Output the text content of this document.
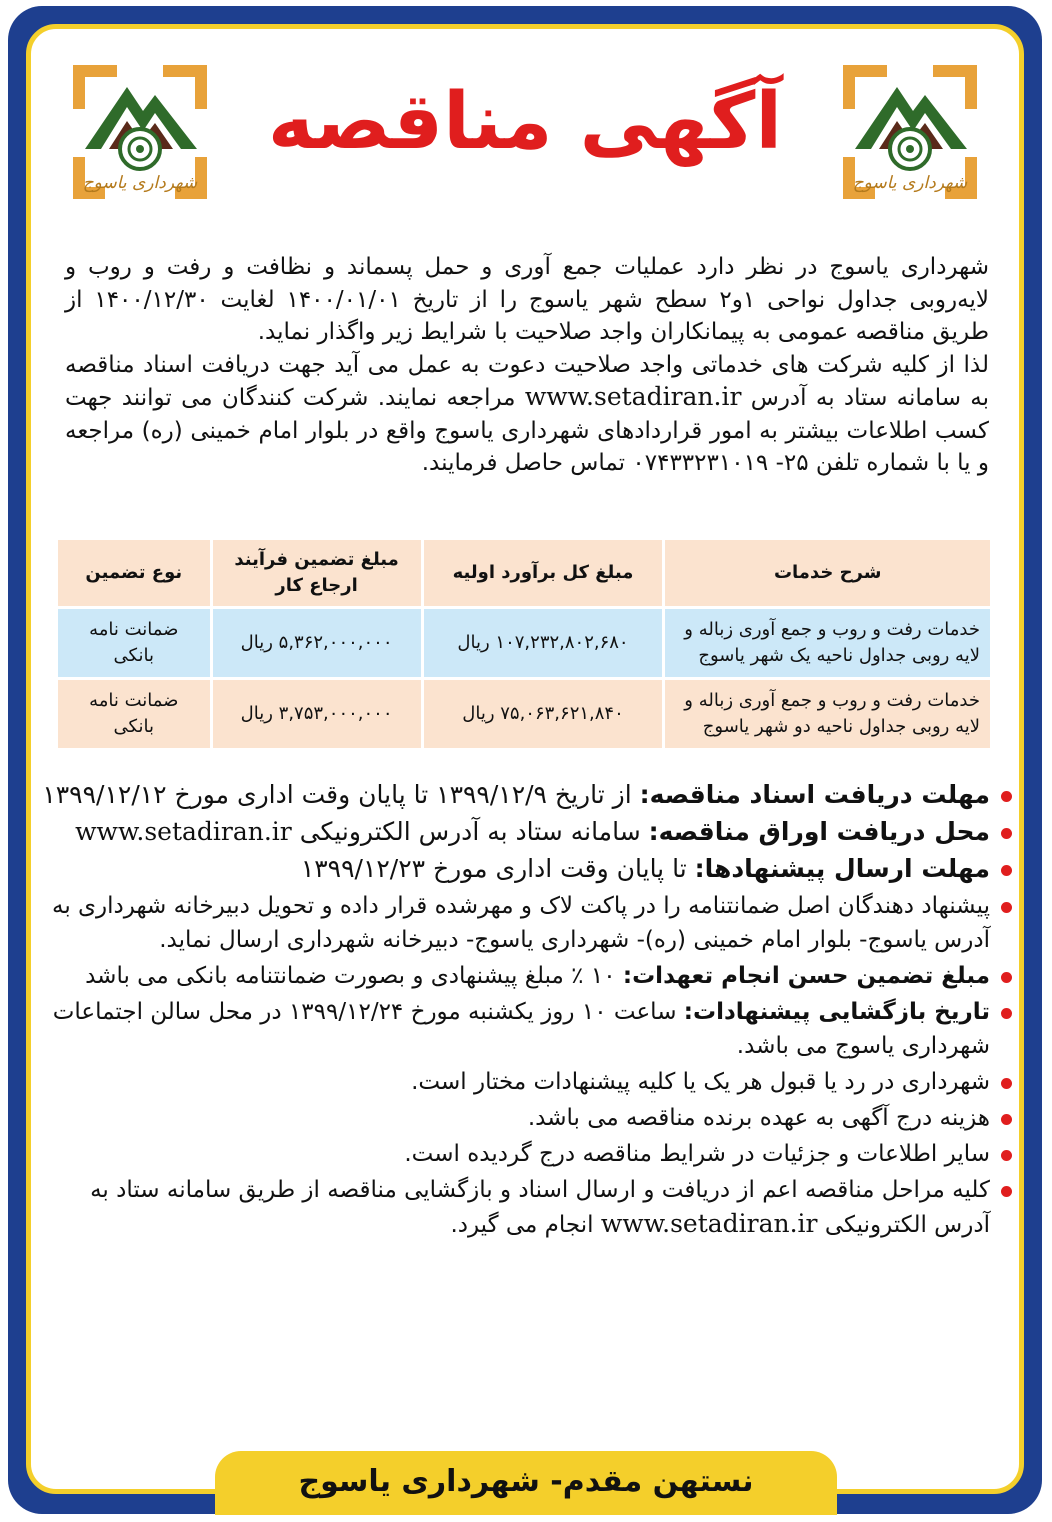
شهرداری یاسوج	شهرداری یاسوج
آگهی مناقصه

شهرداری یاسوج در نظر دارد عملیات جمع آوری و حمل پسماند و نظافت و رفت و روب و لایه‌روبی جداول نواحی ۱و۲ سطح شهر یاسوج را از تاریخ ۱۴۰۰/۰۱/۰۱ لغایت ۱۴۰۰/۱۲/۳۰ از طریق مناقصه عمومی به پیمانکاران واجد صلاحیت با شرایط زیر واگذار نماید.

لذا از کلیه شرکت های خدماتی واجد صلاحیت دعوت به عمل می آید جهت دریافت اسناد مناقصه به سامانه ستاد به آدرس www.setadiran.ir مراجعه نمایند. شرکت کنندگان می توانند جهت کسب اطلاعات بیشتر به امور قراردادهای شهرداری یاسوج واقع در بلوار امام خمینی (ره) مراجعه و یا با شماره تلفن ۲۵- ۰۷۴۳۳۲۳۱۰۱۹ تماس حاصل فرمایند.

شرح خدمات	مبلغ کل برآورد اولیه	مبلغ تضمین فرآیند ارجاع کار	نوع تضمین
خدمات رفت و روب و جمع آوری زباله و لایه روبی جداول ناحیه یک شهر یاسوج	۱۰۷,۲۳۲,۸۰۲,۶۸۰ ریال	۵,۳۶۲,۰۰۰,۰۰۰ ریال	ضمانت نامه بانکی
خدمات رفت و روب و جمع آوری زباله و لایه روبی جداول ناحیه دو شهر یاسوج	۷۵,۰۶۳,۶۲۱,۸۴۰ ریال	۳,۷۵۳,۰۰۰,۰۰۰ ریال	ضمانت نامه بانکی
مهلت دریافت اسناد مناقصه: از تاریخ ۱۳۹۹/۱۲/۹ تا پایان وقت اداری مورخ ۱۳۹۹/۱۲/۱۲
محل دریافت اوراق مناقصه: سامانه ستاد به آدرس الکترونیکی www.setadiran.ir
مهلت ارسال پیشنهادها: تا پایان وقت اداری مورخ ۱۳۹۹/۱۲/۲۳
پیشنهاد دهندگان اصل ضمانتنامه را در پاکت لاک و مهرشده قرار داده و تحویل دبیرخانه شهرداری به آدرس یاسوج- بلوار امام خمینی (ره)- شهرداری یاسوج- دبیرخانه شهرداری ارسال نماید.
مبلغ تضمین حسن انجام تعهدات: ۱۰ ٪ مبلغ پیشنهادی و بصورت ضمانتنامه بانکی می باشد
تاریخ بازگشایی پیشنهادات: ساعت ۱۰ روز یکشنبه مورخ ۱۳۹۹/۱۲/۲۴ در محل سالن اجتماعات شهرداری یاسوج می باشد.
شهرداری در رد یا قبول هر یک یا کلیه پیشنهادات مختار است.
هزینه درج آگهی به عهده برنده مناقصه می باشد.
سایر اطلاعات و جزئیات در شرایط مناقصه درج گردیده است.
کلیه مراحل مناقصه اعم از دریافت و ارسال اسناد و بازگشایی مناقصه از طریق سامانه ستاد به آدرس الکترونیکی www.setadiran.ir انجام می گیرد.
نستهن مقدم- شهرداری یاسوج
